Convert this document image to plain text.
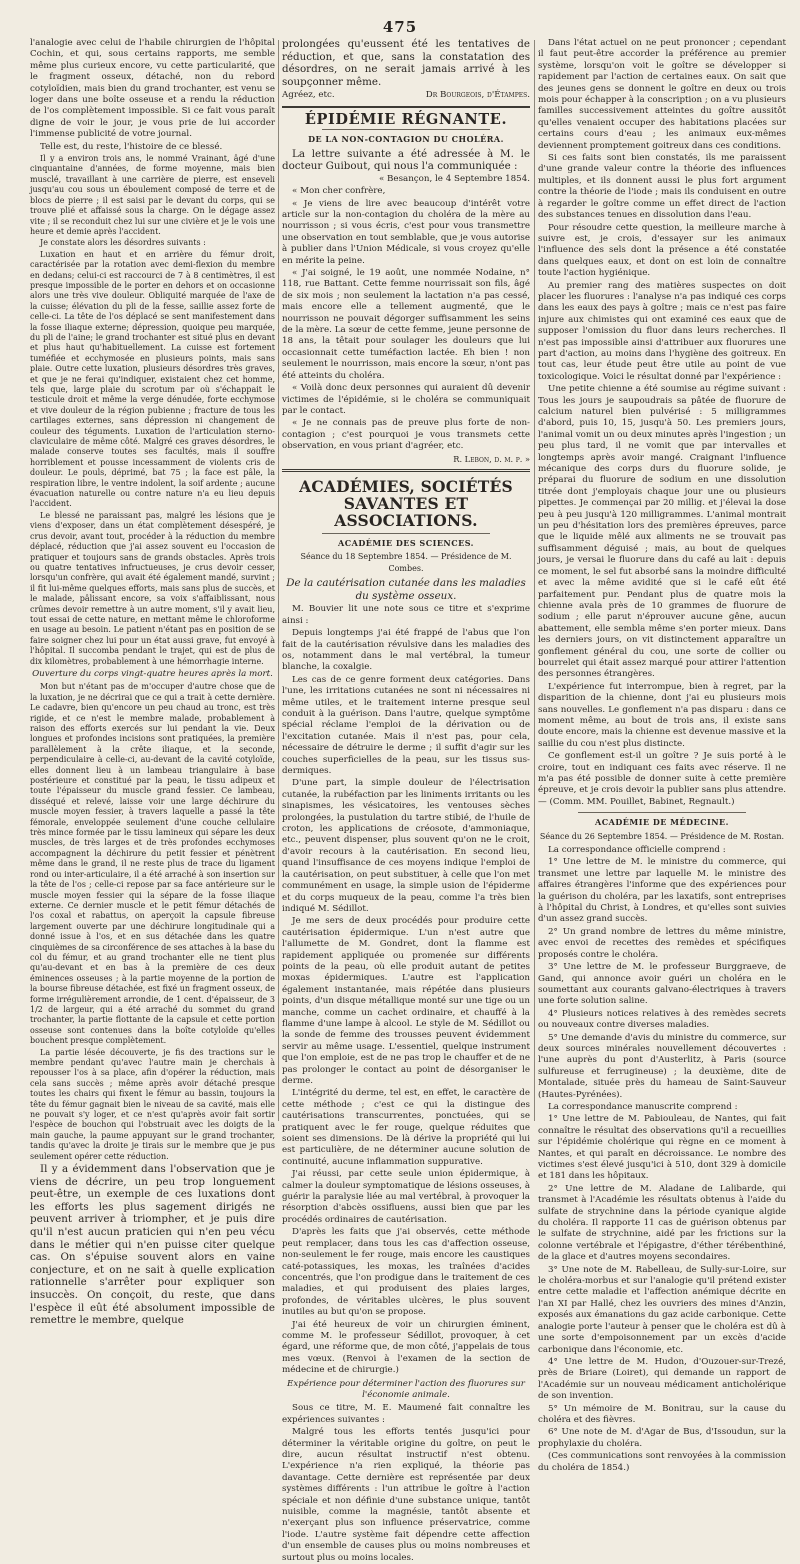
475

l'analogie avec celui de l'habile chirurgien de l'hôpital Cochin, et qui, sous certains rapports, me semble même plus curieux encore, vu cette particularité, que le fragment osseux, détaché, non du rebord cotyloïdien, mais bien du grand trochanter, est venu se loger dans une boîte osseuse et a rendu la réduction de l'os complètement impossible. Si ce fait vous paraît digne de voir le jour, je vous prie de lui accorder l'immense publicité de votre journal.

Telle est, du reste, l'histoire de ce blessé.

Il y a environ trois ans, le nommé Vrainant, âgé d'une cinquantaine d'années, de forme moyenne, mais bien musclé, travaillant à une carrière de pierre, est enseveli jusqu'au cou sous un éboulement composé de terre et de blocs de pierre ; il est saisi par le devant du corps, qui se trouve plié et affaissé sous la charge. On le dégage assez vite ; il se reconduit chez lui sur une civière et je le vois une heure et demie après l'accident.

Je constate alors les désordres suivants :

Luxation en haut et en arrière du fémur droit, caractérisée par la rotation avec demi-flexion du membre en dedans; celui-ci est raccourci de 7 à 8 centimètres, il est presque impossible de le porter en dehors et on occasionne alors une très vive douleur. Obliquité marquée de l'axe de la cuisse; élévation du pli de la fesse, saillie assez forte de celle-ci. La tête de l'os déplacé se sent manifestement dans la fosse iliaque externe; dépression, quoique peu marquée, du pli de l'aine; le grand trochanter est situé plus en devant et plus haut qu'habituellement. La cuisse est fortement tuméfiée et ecchymosée en plusieurs points, mais sans plaie. Outre cette luxation, plusieurs désordres très graves, et que je ne ferai qu'indiquer, existaient chez cet homme, tels que, large plaie du scrotum par où s'échappait le testicule droit et même la verge dénudée, forte ecchymose et vive douleur de la région pubienne ; fracture de tous les cartilages externes, sans dépression ni changement de couleur des téguments. Luxation de l'articulation sterno-claviculaire de même côté. Malgré ces graves désordres, le malade conserve toutes ses facultés, mais il souffre horriblement et pousse incessamment de violents cris de douleur. Le pouls, déprimé, bat 75 ; la face est pâle, la respiration libre, le ventre indolent, la soif ardente ; aucune évacuation naturelle ou contre nature n'a eu lieu depuis l'accident.

Le blessé ne paraissant pas, malgré les lésions que je viens d'exposer, dans un état complètement désespéré, je crus devoir, avant tout, procéder à la réduction du membre déplacé, réduction que j'ai assez souvent eu l'occasion de pratiquer et toujours sans de grands obstacles. Après trois ou quatre tentatives infructueuses, je crus devoir cesser, lorsqu'un confrère, qui avait été également mandé, survint ; il fit lui-même quelques efforts, mais sans plus de succès, et le malade, pâlissant encore, sa voix s'affaiblissant, nous crûmes devoir remettre à un autre moment, s'il y avait lieu, tout essai de cette nature, en mettant même le chloroforme en usage au besoin. Le patient n'étant pas en position de se faire soigner chez lui pour un état aussi grave, fut envoyé à l'hôpital. Il succomba pendant le trajet, qui est de plus de dix kilomètres, probablement à une hémorrhagie interne.

Ouverture du corps vingt-quatre heures après la mort.

Mon but n'étant pas de m'occuper d'autre chose que de la luxation, je ne décrirai que ce qui a trait à cette dernière. Le cadavre, bien qu'encore un peu chaud au tronc, est très rigide, et ce n'est le membre malade, probablement à raison des efforts exercés sur lui pendant la vie. Deux longues et profondes incisions sont pratiquées, la première parallèlement à la crête iliaque, et la seconde, perpendiculaire à celle-ci, au-devant de la cavité cotyloïde, elles donnent lieu à un lambeau triangulaire à base postérieure et constitué par la peau, le tissu adipeux et toute l'épaisseur du muscle grand fessier. Ce lambeau, disséqué et relevé, laisse voir une large déchirure du muscle moyen fessier, à travers laquelle a passé la tête fémorale, enveloppée seulement d'une couche cellulaire très mince formée par le tissu lamineux qui sépare les deux muscles, de très larges et de très profondes ecchymoses accompagnent la déchirure du petit fessier et pénètrent même dans le grand, il ne reste plus de trace du ligament rond ou inter-articulaire, il a été arraché à son insertion sur la tête de l'os ; celle-ci repose par sa face antérieure sur le muscle moyen fessier qui la sépare de la fosse iliaque externe. Ce dernier muscle et le petit fémur détachés de l'os coxal et rabattus, on aperçoit la capsule fibreuse largement ouverte par une déchirure longitudinale qui a donné issue à l'os, et en sus détachée dans les quatre cinquièmes de sa circonférence de ses attaches à la base du col du fémur, et au grand trochanter elle ne tient plus qu'au-devant et en bas à la première de ces deux éminences osseuses ; à la partie moyenne de la portion de la bourse fibreuse détachée, est fixé un fragment osseux, de forme irrégulièrement arrondie, de 1 cent. d'épaisseur, de 3 1/2 de largeur, qui a été arraché du sommet du grand trochanter, la partie flottante de la capsule et cette portion osseuse sont contenues dans la boîte cotyloïde qu'elles bouchent presque complètement.

La partie lésée découverte, je fis des tractions sur le membre pendant qu'avec l'autre main je cherchais à repousser l'os à sa place, afin d'opérer la réduction, mais cela sans succès ; même après avoir détaché presque toutes les chairs qui fixent le fémur au bassin, toujours la tête du fémur gagnait bien le niveau de sa cavité, mais elle ne pouvait s'y loger, et ce n'est qu'après avoir fait sortir l'espèce de bouchon qui l'obstruait avec les doigts de la main gauche, la paume appuyant sur le grand trochanter, tandis qu'avec la droite je tirais sur le membre que je pus seulement opérer cette réduction.

Il y a évidemment dans l'observation que je viens de décrire, un peu trop longuement peut-être, un exemple de ces luxations dont les efforts les plus sagement dirigés ne peuvent arriver à triompher, et je puis dire qu'il n'est aucun praticien qui n'en peu vécu dans le métier qui n'en puisse citer quelque cas. On s'épuise souvent alors en vaine conjecture, et on ne sait à quelle explication rationnelle s'arrêter pour expliquer son insuccès. On conçoit, du reste, que dans l'espèce il eût été absolument impossible de remettre le membre, quelque

prolongées qu'eussent été les tentatives de réduction, et que, sans la constatation des désordres, on ne serait jamais arrivé à les soupçonner même.

Agréez, etc.	Dr Bourgeois, d'Étampes.

ÉPIDÉMIE RÉGNANTE.

DE LA NON-CONTAGION DU CHOLÉRA.

La lettre suivante a été adressée à M. le docteur Guibout, qui nous l'a communiquée :

« Besançon, le 4 Septembre 1854.

« Mon cher confrère,

« Je viens de lire avec beaucoup d'intérêt votre article sur la non-contagion du choléra de la mère au nourrisson ; si vous écris, c'est pour vous transmettre une observation en tout semblable, que je vous autorise à publier dans l'Union Médicale, si vous croyez qu'elle en mérite la peine.

« J'ai soigné, le 19 août, une nommée Nodaine, n° 118, rue Battant. Cette femme nourrissait son fils, âgé de six mois ; non seulement la lactation n'a pas cessé, mais encore elle a tellement augmenté, que le nourrisson ne pouvait dégorger suffisamment les seins de la mère. La sœur de cette femme, jeune personne de 18 ans, la têtait pour soulager les douleurs que lui occasionnait cette tuméfaction lactée. Eh bien ! non seulement le nourrisson, mais encore la sœur, n'ont pas été atteints du choléra.

« Voilà donc deux personnes qui auraient dû devenir victimes de l'épidémie, si le choléra se communiquait par le contact.

« Je ne connais pas de preuve plus forte de non-contagion ; c'est pourquoi je vous transmets cette observation, en vous priant d'agréer, etc.

R. Lebon, d. m. p. »

ACADÉMIES, SOCIÉTÉS SAVANTES ET ASSOCIATIONS.

ACADÉMIE DES SCIENCES.

Séance du 18 Septembre 1854. — Présidence de M. Combes.

De la cautérisation cutanée dans les maladies du système osseux.

M. Bouvier lit une note sous ce titre et s'exprime ainsi :

Depuis longtemps j'ai été frappé de l'abus que l'on fait de la cautérisation révulsive dans les maladies des os, notamment dans le mal vertébral, la tumeur blanche, la coxalgie.

Les cas de ce genre forment deux catégories. Dans l'une, les irritations cutanées ne sont ni nécessaires ni même utiles, et le traitement interne presque seul conduit à la guérison. Dans l'autre, quelque symptôme spécial réclame l'emploi de la dérivation ou de l'excitation cutanée. Mais il n'est pas, pour cela, nécessaire de détruire le derme ; il suffit d'agir sur les couches superficielles de la peau, sur les tissus sus-dermiques.

D'une part, la simple douleur de l'électrisation cutanée, la rubéfaction par les liniments irritants ou les sinapismes, les vésicatoires, les ventouses sèches prolongées, la pustulation du tartre stibié, de l'huile de croton, les applications de créosote, d'ammoniaque, etc., peuvent dispenser, plus souvent qu'on ne le croit, d'avoir recours à la cautérisation. En second lieu, quand l'insuffisance de ces moyens indique l'emploi de la cautérisation, on peut substituer, à celle que l'on met communément en usage, la simple usion de l'épiderme et du corps muqueux de la peau, comme l'a très bien indiqué M. Sédillot.

Je me sers de deux procédés pour produire cette cautérisation épidermique. L'un n'est autre que l'allumette de M. Gondret, dont la flamme est rapidement appliquée ou promenée sur différents points de la peau, où elle produit autant de petites moxas épidermiques. L'autre est l'application également instantanée, mais répétée dans plusieurs points, d'un disque métallique monté sur une tige ou un manche, comme un cachet ordinaire, et chauffé à la flamme d'une lampe à alcool. Le style de M. Sédillot ou la sonde de femme des trousses peuvent évidemment servir au même usage. L'essentiel, quelque instrument que l'on emploie, est de ne pas trop le chauffer et de ne pas prolonger le contact au point de désorganiser le derme.

L'intégrité du derme, tel est, en effet, le caractère de cette méthode ; c'est ce qui la distingue des cautérisations transcurrentes, ponctuées, qui se pratiquent avec le fer rouge, quelque réduites que soient ses dimensions. De là dérive la propriété qui lui est particulière, de ne déterminer aucune solution de continuité, aucune inflammation suppurative.

J'ai réussi, par cette seule union épidermique, à calmer la douleur symptomatique de lésions osseuses, à guérir la paralysie liée au mal vertébral, à provoquer la résorption d'abcès ossifluens, aussi bien que par les procédés ordinaires de cautérisation.

D'après les faits que j'ai observés, cette méthode peut remplacer, dans tous les cas d'affection osseuse, non-seulement le fer rouge, mais encore les caustiques caté-potassiques, les moxas, les traînées d'acides concentrés, que l'on prodigue dans le traitement de ces maladies, et qui produisent des plaies larges, profondes, de véritables ulcères, le plus souvent inutiles au but qu'on se propose.

J'ai été heureux de voir un chirurgien éminent, comme M. le professeur Sédillot, provoquer, à cet égard, une réforme que, de mon côté, j'appelais de tous mes vœux. (Renvoi à l'examen de la section de médecine et de chirurgie.)

Expérience pour déterminer l'action des fluorures sur l'économie animale.

Sous ce titre, M. E. Maumené fait connaître les expériences suivantes :

Malgré tous les efforts tentés jusqu'ici pour déterminer la véritable origine du goître, on peut le dire, aucun résultat instructif n'est obtenu. L'expérience n'a rien expliqué, la théorie pas davantage. Cette dernière est représentée par deux systèmes différents : l'un attribue le goître à l'action spéciale et non définie d'une substance unique, tantôt nuisible, comme la magnésie, tantôt absente et n'exerçant plus son influence préservatrice, comme l'iode. L'autre système fait dépendre cette affection d'un ensemble de causes plus ou moins nombreuses et surtout plus ou moins locales.

Dans l'état actuel on ne peut prononcer ; cependant il faut peut-être accorder la préférence au premier système, lorsqu'on voit le goître se développer si rapidement par l'action de certaines eaux. On sait que des jeunes gens se donnent le goître en deux ou trois mois pour échapper à la conscription ; on a vu plusieurs familles successivement atteintes du goître aussitôt qu'elles venaient occuper des habitations placées sur certains cours d'eau ; les animaux eux-mêmes deviennent promptement goitreux dans ces conditions.

Si ces faits sont bien constatés, ils me paraissent d'une grande valeur contre la théorie des influences multiples, et ils donnent aussi le plus fort argument contre la théorie de l'iode ; mais ils conduisent en outre à regarder le goître comme un effet direct de l'action des substances tenues en dissolution dans l'eau.

Pour résoudre cette question, la meilleure marche à suivre est, je crois, d'essayer sur les animaux l'influence des sels dont la présence a été constatée dans quelques eaux, et dont on est loin de connaître toute l'action hygiénique.

Au premier rang des matières suspectes on doit placer les fluorures : l'analyse n'a pas indiqué ces corps dans les eaux des pays à goître ; mais ce n'est pas faire injure aux chimistes qui ont examiné ces eaux que de supposer l'omission du fluor dans leurs recherches. Il n'est pas impossible ainsi d'attribuer aux fluorures une part d'action, au moins dans l'hygiène des goitreux. En tout cas, leur étude peut être utile au point de vue toxicologique. Voici le résultat donné par l'expérience :

Une petite chienne a été soumise au régime suivant : Tous les jours je saupoudrais sa pâtée de fluorure de calcium naturel bien pulvérisé : 5 milligrammes d'abord, puis 10, 15, jusqu'à 50. Les premiers jours, l'animal vomit un ou deux minutes après l'ingestion ; un peu plus tard, il ne vomit que par intervalles et longtemps après avoir mangé. Craignant l'influence mécanique des corps durs du fluorure solide, je préparai du fluorure de sodium en une dissolution titrée dont j'employais chaque jour une ou plusieurs pipettes. Je commençai par 20 millig. et j'élevai la dose peu à peu jusqu'à 120 milligrammes. L'animal montrait un peu d'hésitation lors des premières épreuves, parce que le liquide mêlé aux aliments ne se trouvait pas suffisamment déguisé ; mais, au bout de quelques jours, je versai le fluorure dans du café au lait : depuis ce moment, le sel fut absorbé sans la moindre difficulté et avec la même avidité que si le café eût été parfaitement pur. Pendant plus de quatre mois la chienne avala près de 10 grammes de fluorure de sodium ; elle parut n'éprouver aucune gêne, aucun abattement, elle sembla même s'en porter mieux. Dans les derniers jours, on vit distinctement apparaître un gonflement général du cou, une sorte de collier ou bourrelet qui était assez marqué pour attirer l'attention des personnes étrangères.

L'expérience fut interrompue, bien à regret, par la disparition de la chienne, dont j'ai eu plusieurs mois sans nouvelles. Le gonflement n'a pas disparu : dans ce moment même, au bout de trois ans, il existe sans doute encore, mais la chienne est devenue massive et la saillie du cou n'est plus distincte.

Ce gonflement est-il un goître ? Je suis porté à le croire, tout en indiquant ces faits avec réserve. Il ne m'a pas été possible de donner suite à cette première épreuve, et je crois devoir la publier sans plus attendre. — (Comm. MM. Pouillet, Babinet, Regnault.)

ACADÉMIE DE MÉDECINE.

Séance du 26 Septembre 1854. — Présidence de M. Rostan.

La correspondance officielle comprend :

1° Une lettre de M. le ministre du commerce, qui transmet une lettre par laquelle M. le ministre des affaires étrangères l'informe que des expériences pour la guérison du choléra, par les laxatifs, sont entreprises à l'hôpital du Christ, à Londres, et qu'elles sont suivies d'un assez grand succès.

2° Un grand nombre de lettres du même ministre, avec envoi de recettes des remèdes et spécifiques proposés contre le choléra.

3° Une lettre de M. le professeur Burggraeve, de Gand, qui annonce avoir guéri un choléra en le soumettant aux courants galvano-électriques à travers une forte solution saline.

4° Plusieurs notices relatives à des remèdes secrets ou nouveaux contre diverses maladies.

5° Une demande d'avis du ministre du commerce, sur deux sources minérales nouvellement découvertes : l'une auprès du pont d'Austerlitz, à Paris (source sulfureuse et ferrugineuse) ; la deuxième, dite de Montalade, située près du hameau de Saint-Sauveur (Hautes-Pyrénées).

La correspondance manuscrite comprend :

1° Une lettre de M. Pabiouleau, de Nantes, qui fait connaître le résultat des observations qu'il a recueillies sur l'épidémie cholérique qui règne en ce moment à Nantes, et qui paraît en décroissance. Le nombre des victimes s'est élevé jusqu'ici à 510, dont 329 à domicile et 181 dans les hôpitaux.

2° Une lettre de M. Aladane de Lalibarde, qui transmet à l'Académie les résultats obtenus à l'aide du sulfate de strychnine dans la période cyanique algide du choléra. Il rapporte 11 cas de guérison obtenus par le sulfate de strychnine, aidé par les frictions sur la colonne vertébrale et l'épigastre, d'éther térébenthiné, de la glace et d'autres moyens secondaires.

3° Une note de M. Rabelleau, de Sully-sur-Loire, sur le choléra-morbus et sur l'analogie qu'il prétend exister entre cette maladie et l'affection anémique décrite en l'an XI par Hallé, chez les ouvriers des mines d'Anzin, exposés aux émanations du gaz acide carbonique. Cette analogie porte l'auteur à penser que le choléra est dû à une sorte d'empoisonnement par un excès d'acide carbonique dans l'économie, etc.

4° Une lettre de M. Hudon, d'Ouzouer-sur-Trezé, près de Briare (Loiret), qui demande un rapport de l'Académie sur un nouveau médicament anticholérique de son invention.

5° Un mémoire de M. Bonitrau, sur la cause du choléra et des fièvres.

6° Une note de M. d'Agar de Bus, d'Issoudun, sur la prophylaxie du choléra.

(Ces communications sont renvoyées à la commission du choléra de 1854.)
